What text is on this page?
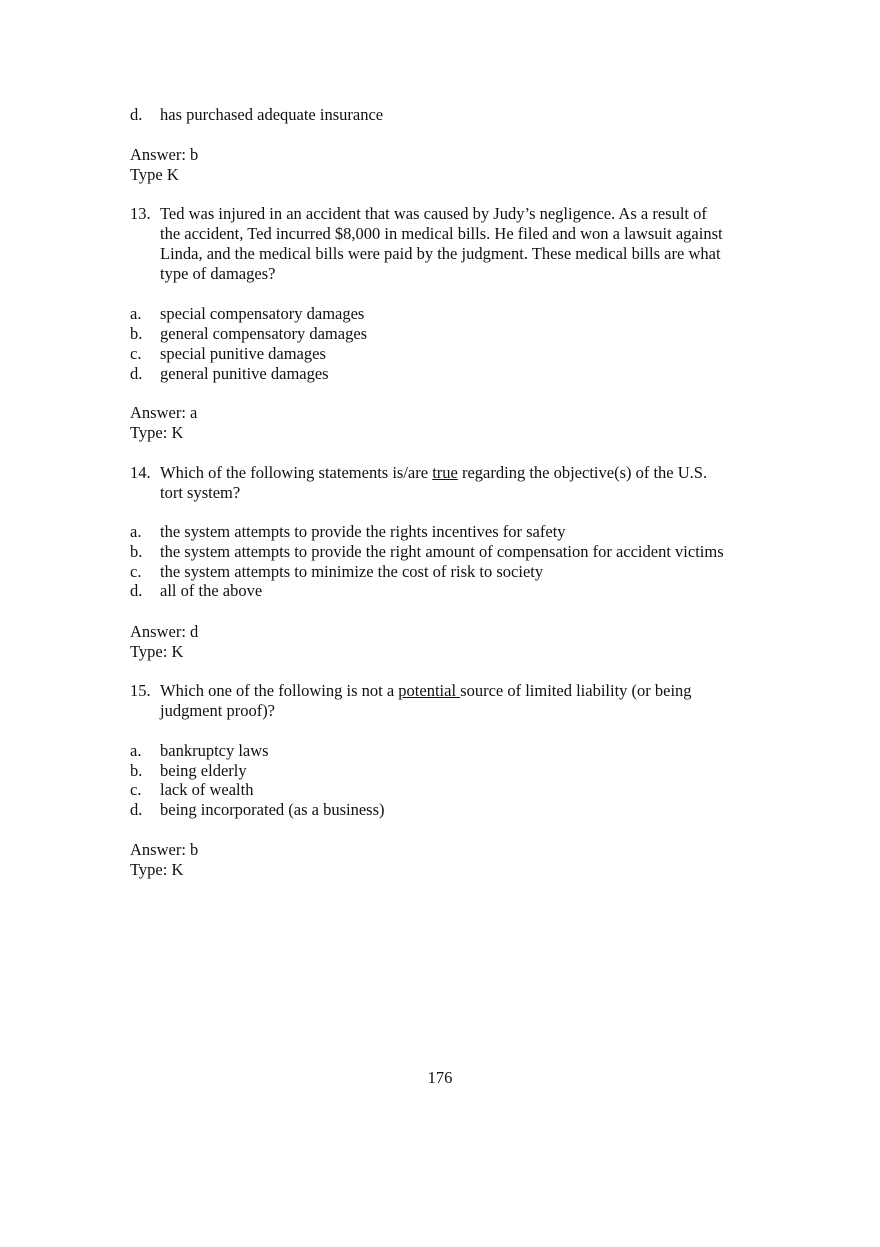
d. has purchased adequate insurance
Answer: b
Type K
13. Ted was injured in an accident that was caused by Judy’s negligence. As a result of
the accident, Ted incurred $8,000 in medical bills. He filed and won a lawsuit against
Linda, and the medical bills were paid by the judgment. These medical bills are what
type of damages?
a. special compensatory damages
b. general compensatory damages
c. special punitive damages
d. general punitive damages
Answer: a
Type: K
14. Which of the following statements is/are true regarding the objective(s) of the U.S.
tort system?
a. the system attempts to provide the rights incentives for safety
b. the system attempts to provide the right amount of compensation for accident victims
c. the system attempts to minimize the cost of risk to society
d. all of the above
Answer: d
Type: K
15. Which one of the following is not a potential source of limited liability (or being
judgment proof)?
a. bankruptcy laws
b. being elderly
c. lack of wealth
d. being incorporated (as a business)
Answer: b
Type: K
176
